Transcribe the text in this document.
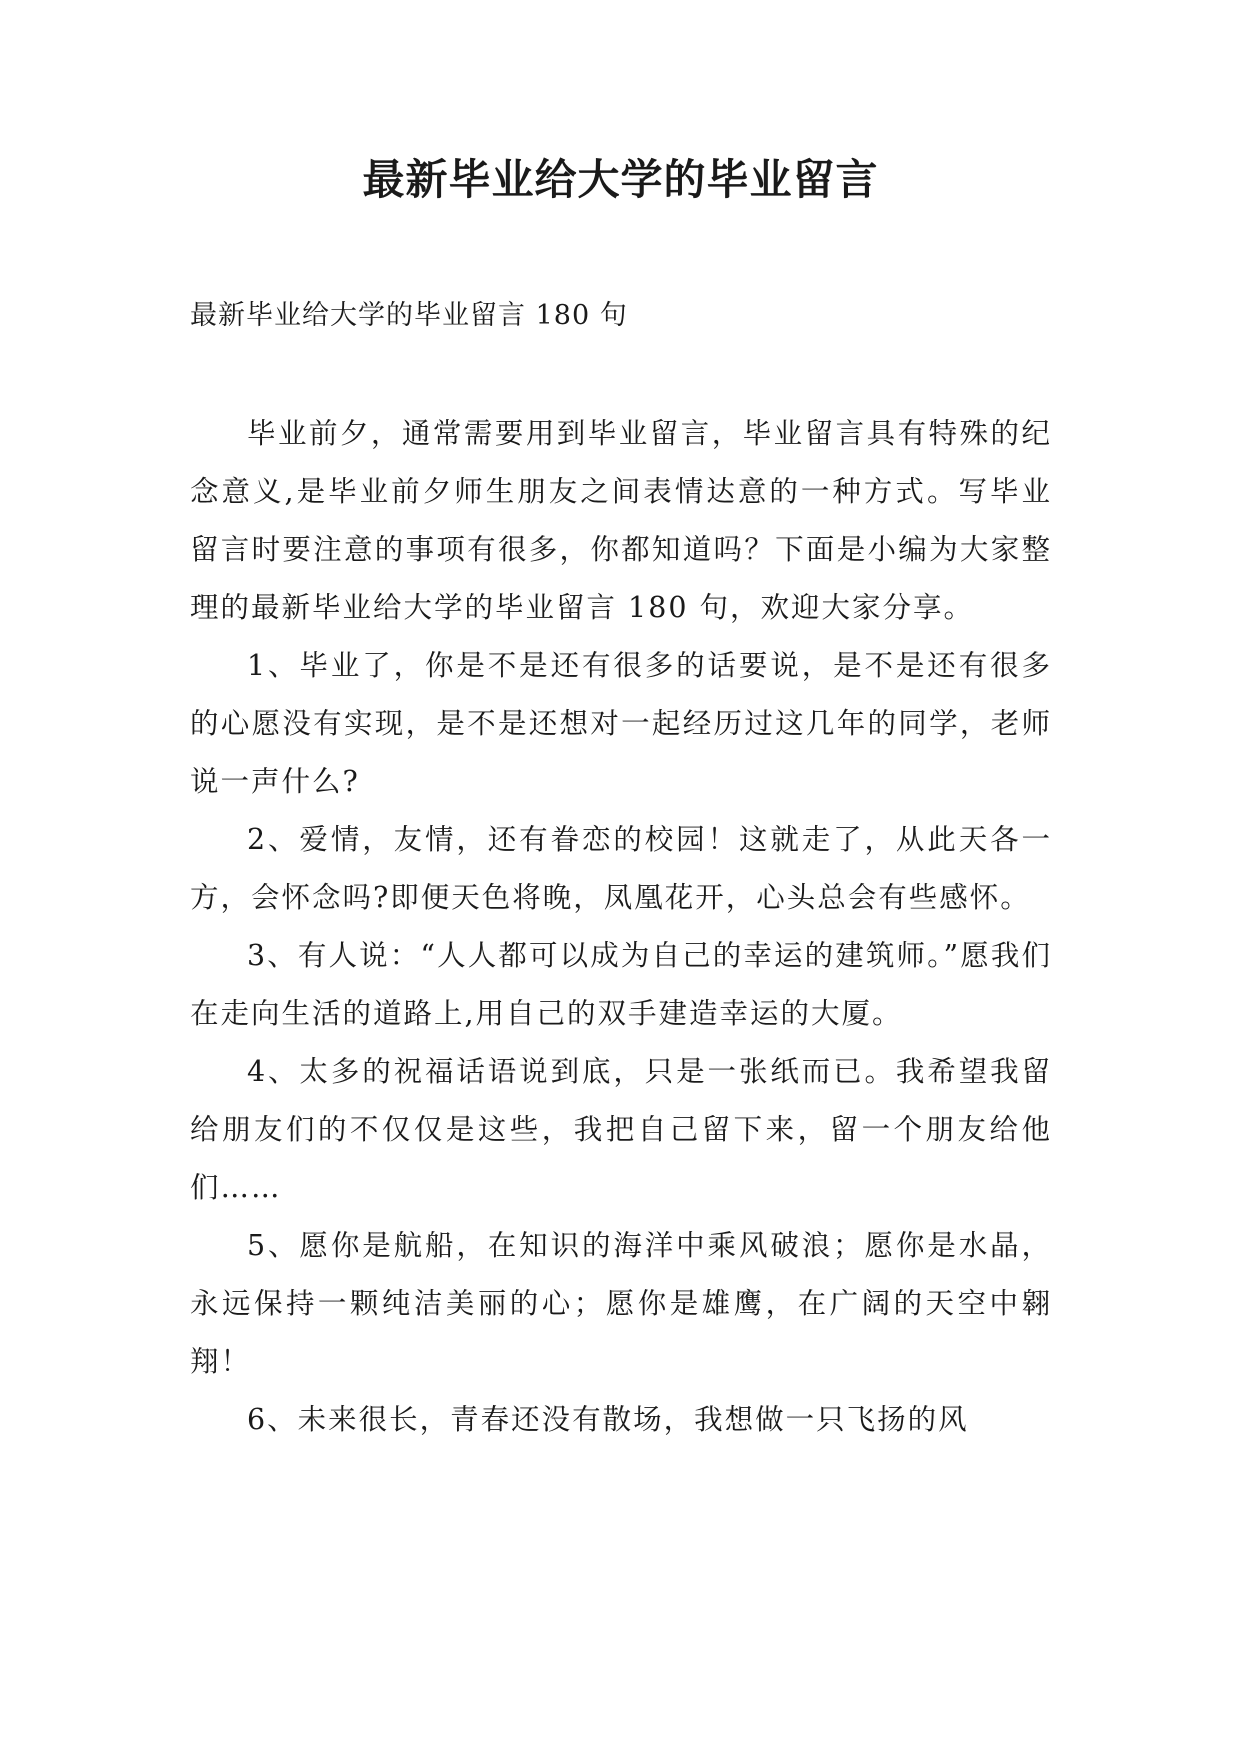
最新毕业给大学的毕业留言

最新毕业给大学的毕业留言 180 句

毕业前夕，通常需要用到毕业留言，毕业留言具有特殊的纪念意义,是毕业前夕师生朋友之间表情达意的一种方式。写毕业留言时要注意的事项有很多，你都知道吗？下面是小编为大家整理的最新毕业给大学的毕业留言 180 句，欢迎大家分享。

1、毕业了，你是不是还有很多的话要说，是不是还有很多的心愿没有实现，是不是还想对一起经历过这几年的同学，老师说一声什么?

2、爱情，友情，还有眷恋的校园！这就走了，从此天各一方，会怀念吗?即便天色将晚，凤凰花开，心头总会有些感怀。

3、有人说：“人人都可以成为自己的幸运的建筑师。”愿我们在走向生活的道路上,用自己的双手建造幸运的大厦。

4、太多的祝福话语说到底，只是一张纸而已。我希望我留给朋友们的不仅仅是这些，我把自己留下来，留一个朋友给他们……

5、愿你是航船，在知识的海洋中乘风破浪；愿你是水晶，永远保持一颗纯洁美丽的心；愿你是雄鹰，在广阔的天空中翱翔！

6、未来很长，青春还没有散场，我想做一只飞扬的风
